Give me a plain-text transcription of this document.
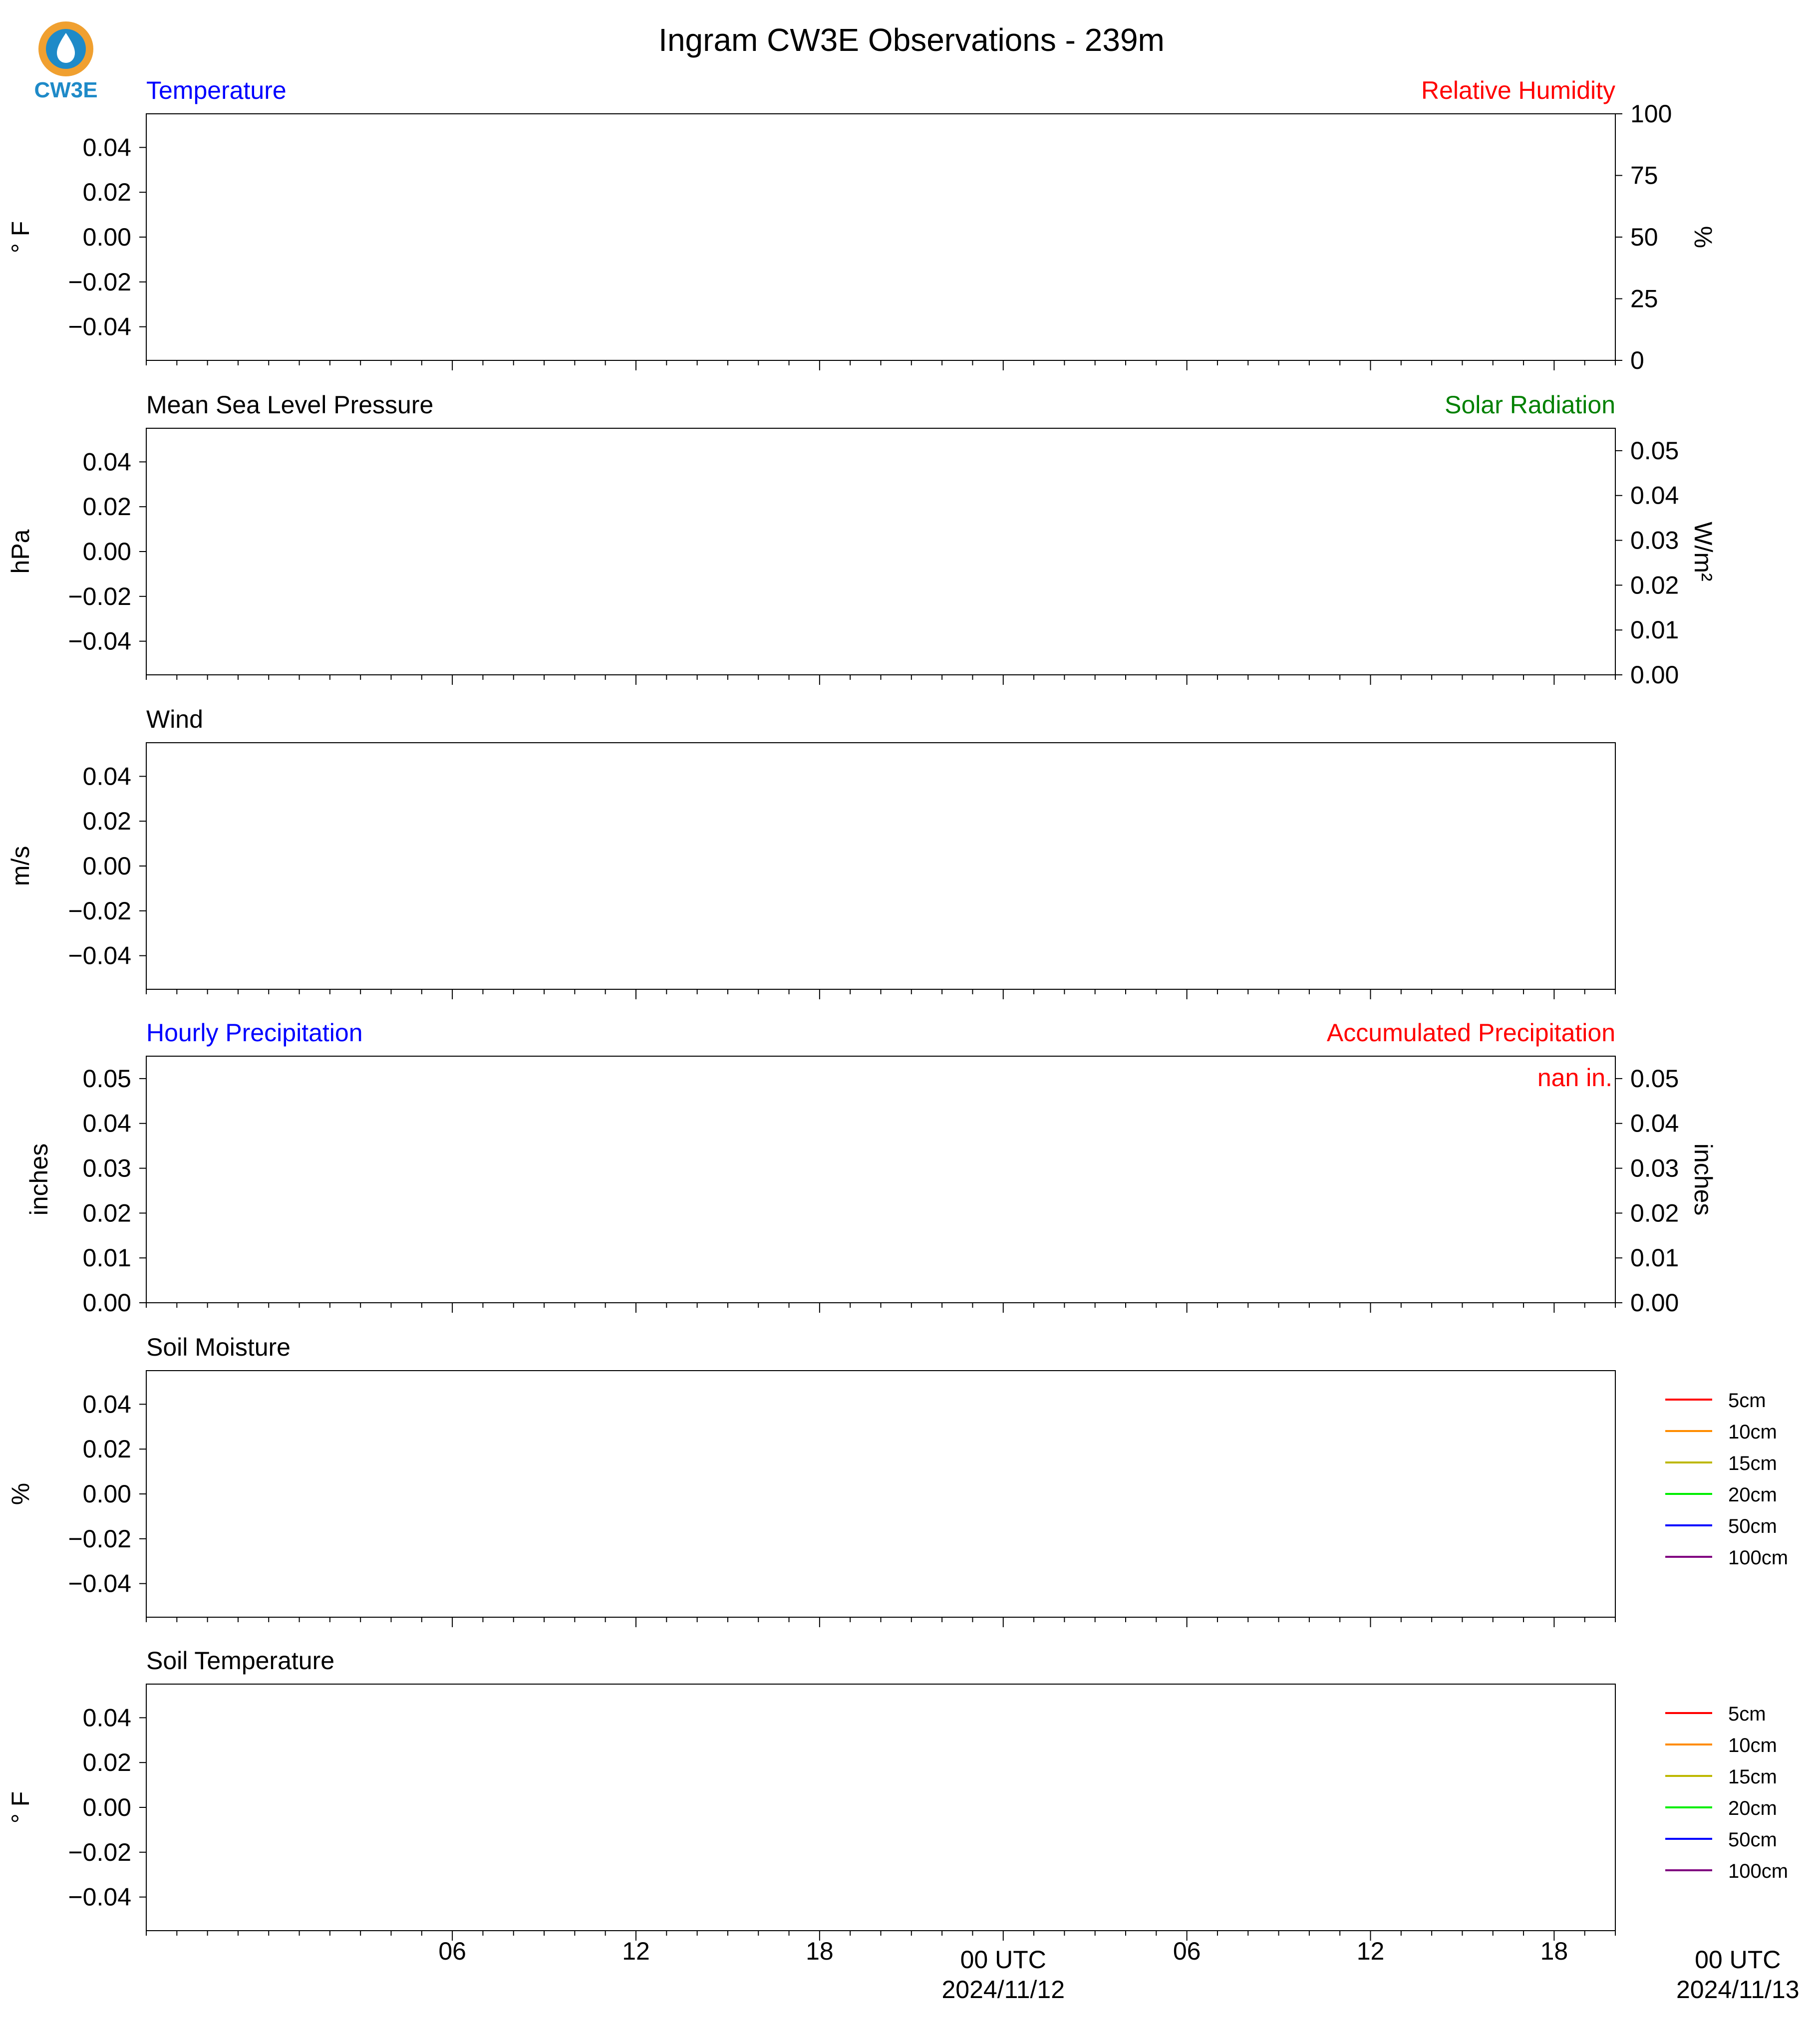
CW3E
Ingram CW3E Observations - 239m
Temperature	Relative Humidity
0.04
0.02
0.00
−0.02
−0.04
° F
100
75
50
25
0
%
Mean Sea Level Pressure	Solar Radiation
0.04
0.02
0.00
−0.02
−0.04
hPa
0.05
0.04
0.03
0.02
0.01
0.00
W/m²
Wind
0.04
0.02
0.00
−0.02
−0.04
m/s
Hourly Precipitation	Accumulated Precipitation
0.05
0.04
0.03
0.02
0.01
0.00
inches
0.05
0.04
0.03
0.02
0.01
0.00
inches
nan in.
Soil Moisture
0.04
0.02
0.00
−0.02
−0.04
%
5cm
10cm
15cm
20cm
50cm
100cm
Soil Temperature
0.04
0.02
0.00
−0.02
−0.04
° F
5cm
10cm
15cm
20cm
50cm
100cm
06	12	18	00 UTC
2024/11/12
06	12	18	00 UTC
2024/11/13
